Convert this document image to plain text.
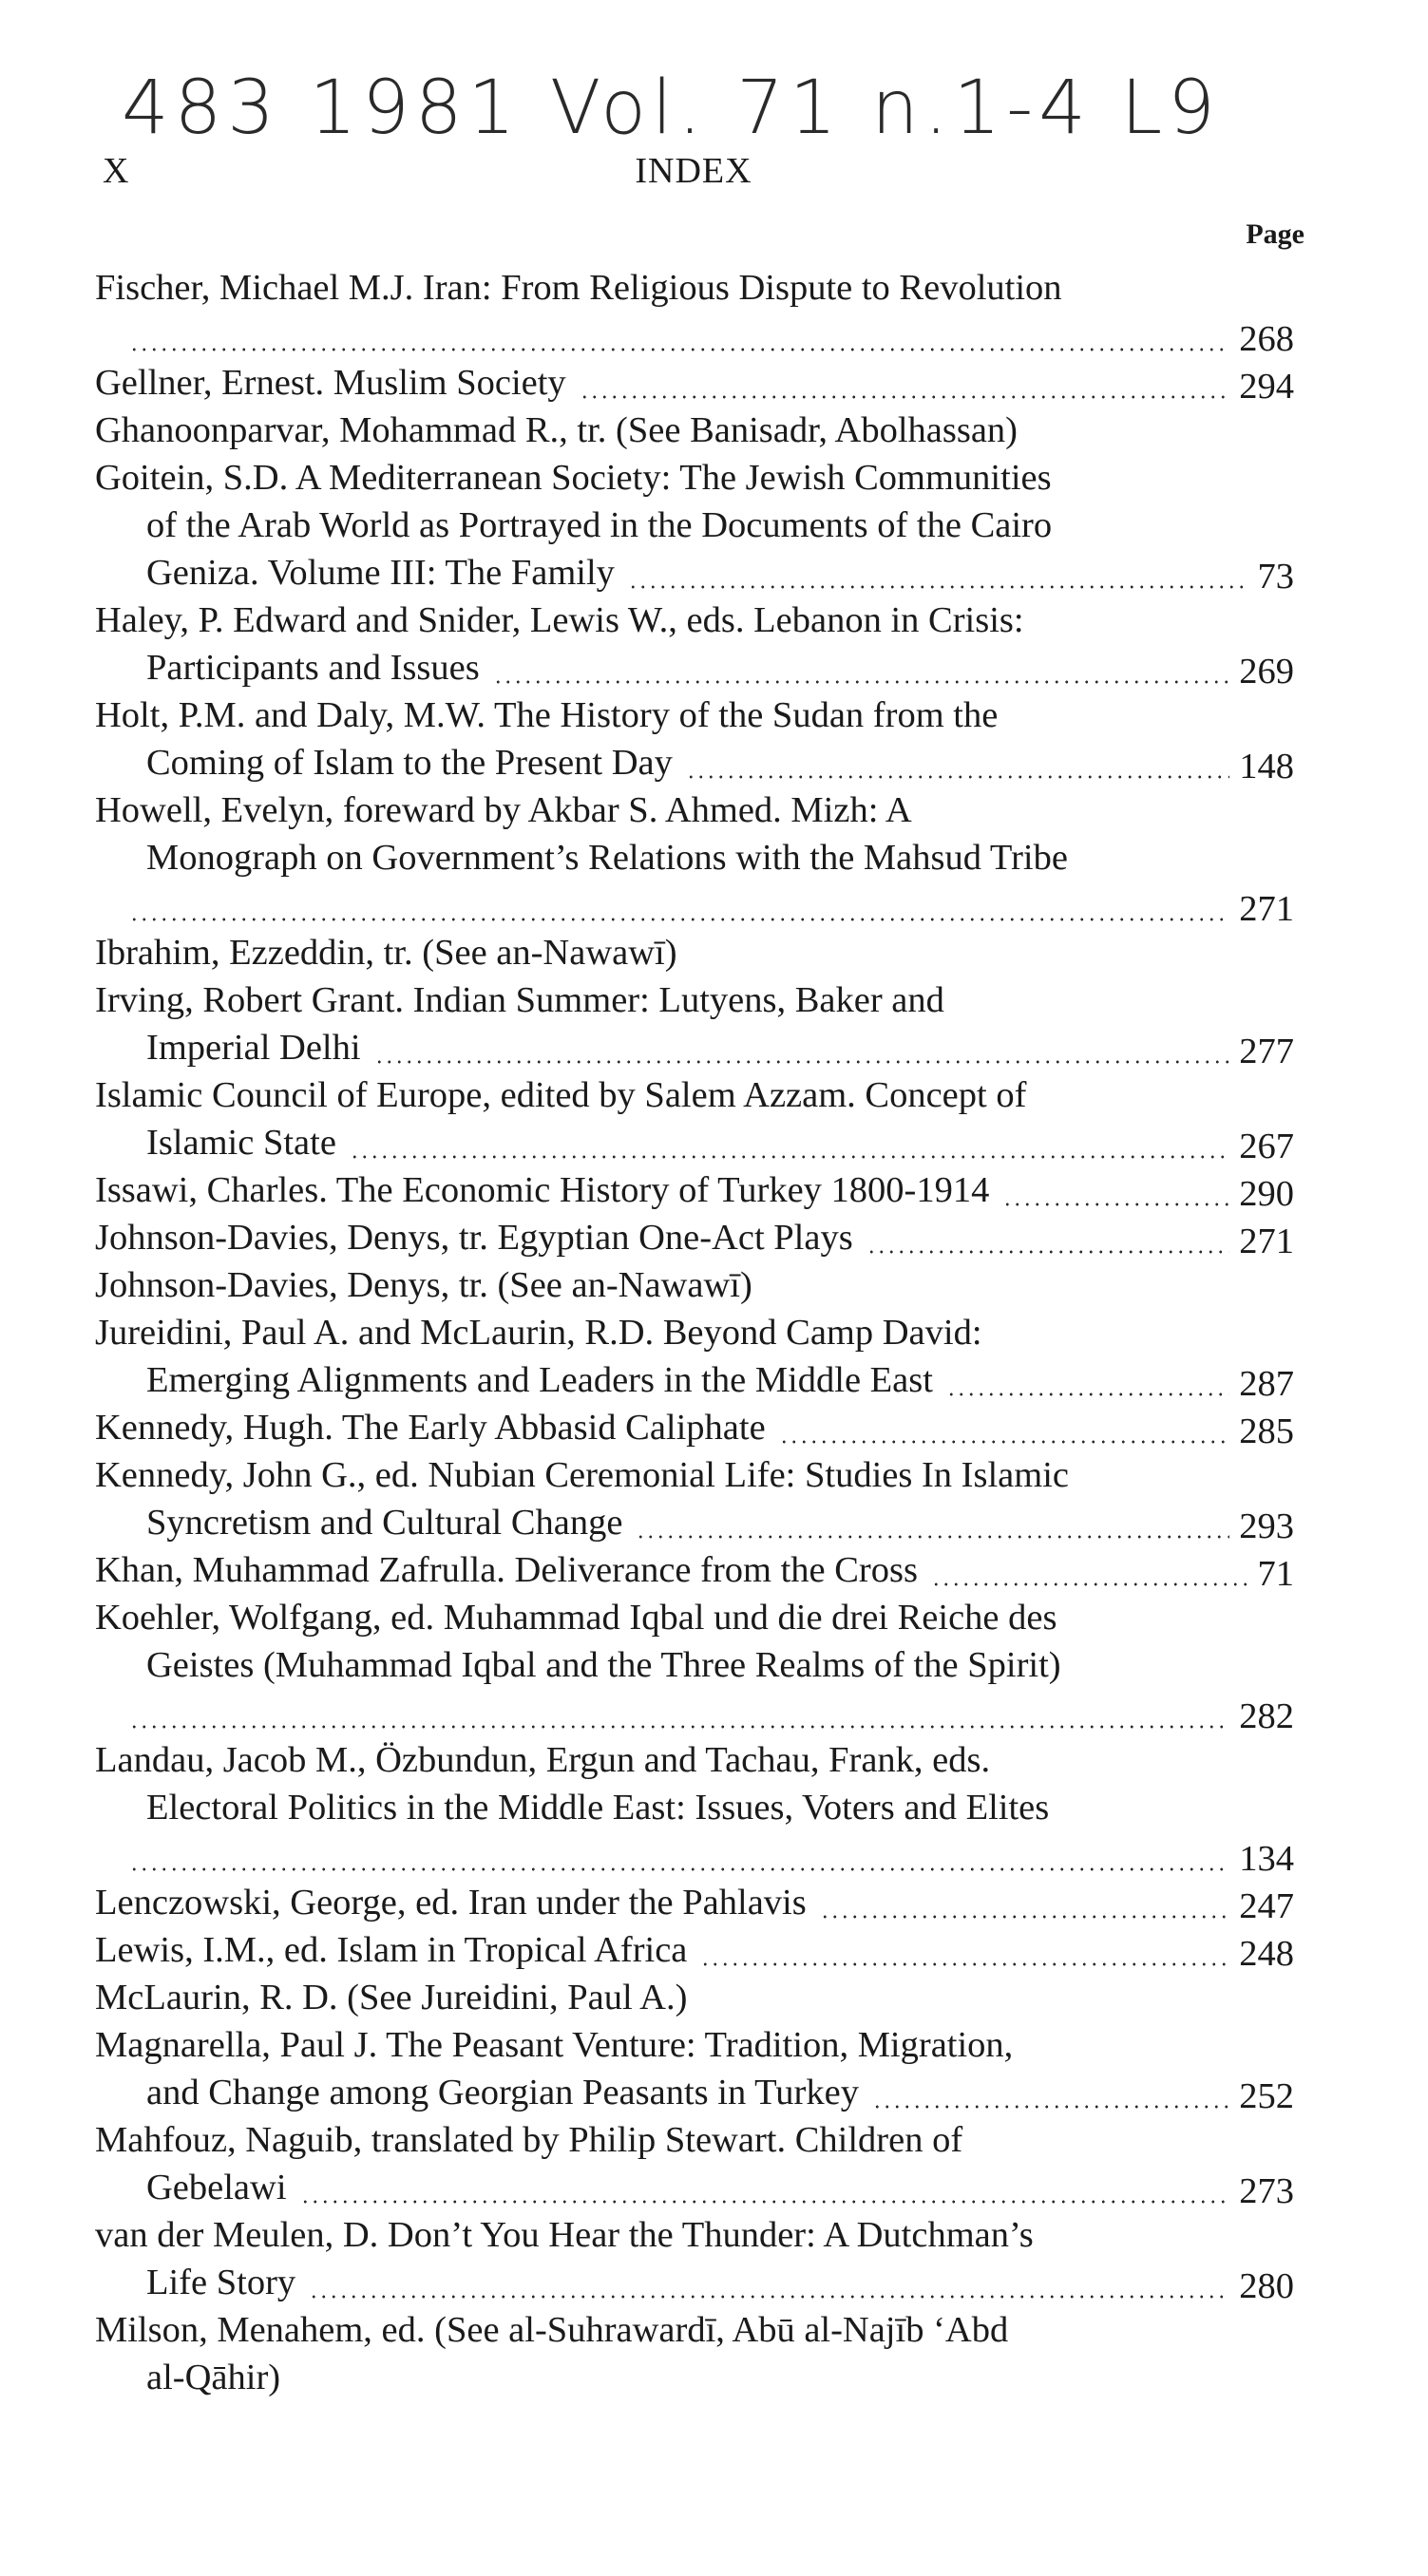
483 1981 Vol. 71 n.1-4 L9
X	INDEX
Page
Fischer, Michael M.J. Iran: From Religious Dispute to Revolution
268
Gellner, Ernest. Muslim Society	294
Ghanoonparvar, Mohammad R., tr. (See Banisadr, Abolhassan)
Goitein, S.D. A Mediterranean Society: The Jewish Communities
of the Arab World as Portrayed in the Documents of the Cairo
Geniza. Volume III: The Family	73
Haley, P. Edward and Snider, Lewis W., eds. Lebanon in Crisis:
Participants and Issues	269
Holt, P.M. and Daly, M.W. The History of the Sudan from the
Coming of Islam to the Present Day	148
Howell, Evelyn, foreward by Akbar S. Ahmed. Mizh: A
Monograph on Government’s Relations with the Mahsud Tribe
271
Ibrahim, Ezzeddin, tr. (See an-Nawawī)
Irving, Robert Grant. Indian Summer: Lutyens, Baker and
Imperial Delhi	277
Islamic Council of Europe, edited by Salem Azzam. Concept of
Islamic State	267
Issawi, Charles. The Economic History of Turkey 1800-1914	290
Johnson-Davies, Denys, tr. Egyptian One-Act Plays	271
Johnson-Davies, Denys, tr. (See an-Nawawī)
Jureidini, Paul A. and McLaurin, R.D. Beyond Camp David:
Emerging Alignments and Leaders in the Middle East	287
Kennedy, Hugh. The Early Abbasid Caliphate	285
Kennedy, John G., ed. Nubian Ceremonial Life: Studies In Islamic
Syncretism and Cultural Change	293
Khan, Muhammad Zafrulla. Deliverance from the Cross	71
Koehler, Wolfgang, ed. Muhammad Iqbal und die drei Reiche des
Geistes (Muhammad Iqbal and the Three Realms of the Spirit)
282
Landau, Jacob M., Özbundun, Ergun and Tachau, Frank, eds.
Electoral Politics in the Middle East: Issues, Voters and Elites
134
Lenczowski, George, ed. Iran under the Pahlavis	247
Lewis, I.M., ed. Islam in Tropical Africa	248
McLaurin, R. D. (See Jureidini, Paul A.)
Magnarella, Paul J. The Peasant Venture: Tradition, Migration,
and Change among Georgian Peasants in Turkey	252
Mahfouz, Naguib, translated by Philip Stewart. Children of
Gebelawi	273
van der Meulen, D. Don’t You Hear the Thunder: A Dutchman’s
Life Story	280
Milson, Menahem, ed. (See al-Suhrawardī, Abū al-Najīb ‘Abd
al-Qāhir)
